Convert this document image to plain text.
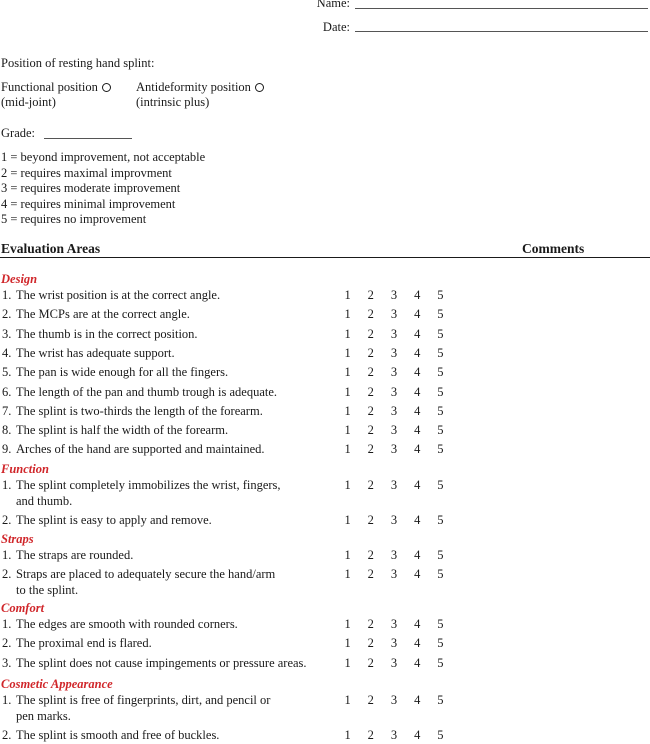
Name:
Date:
Position of resting hand splint:
Functional position
(mid-joint)
Antideformity position
(intrinsic plus)
Grade:
1 = beyond improvement, not acceptable
2 = requires maximal improvment
3 = requires moderate improvement
4 = requires minimal improvement
5 = requires no improvement
Evaluation Areas	Comments
Design
1. The wrist position is at the correct angle.	1	2	3	4	5
2. The MCPs are at the correct angle.	1	2	3	4	5
3. The thumb is in the correct position.	1	2	3	4	5
4. The wrist has adequate support.	1	2	3	4	5
5. The pan is wide enough for all the fingers.	1	2	3	4	5
6. The length of the pan and thumb trough is adequate.	1	2	3	4	5
7. The splint is two-thirds the length of the forearm.	1	2	3	4	5
8. The splint is half the width of the forearm.	1	2	3	4	5
9. Arches of the hand are supported and maintained.	1	2	3	4	5
Function
1. The splint completely immobilizes the wrist, fingers,
and thumb.
1	2	3	4	5
2. The splint is easy to apply and remove.	1	2	3	4	5
Straps
1. The straps are rounded.	1	2	3	4	5
2. Straps are placed to adequately secure the hand/arm
to the splint.
1	2	3	4	5
Comfort
1. The edges are smooth with rounded corners.	1	2	3	4	5
2. The proximal end is flared.	1	2	3	4	5
3. The splint does not cause impingements or pressure areas.	1	2	3	4	5
Cosmetic Appearance
1. The splint is free of fingerprints, dirt, and pencil or
pen marks.
1	2	3	4	5
2. The splint is smooth and free of buckles.	1	2	3	4	5
